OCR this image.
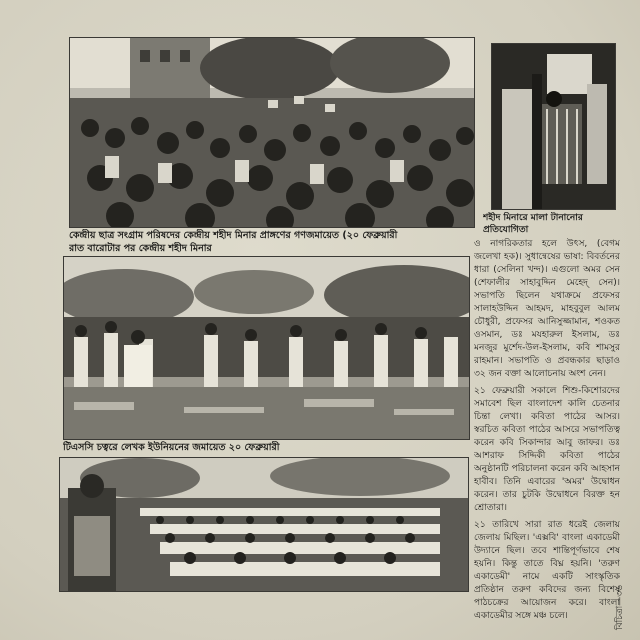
কেন্দ্রীয় ছাত্র সংগ্রাম পরিষদের কেন্দ্রীয় শহীদ মিনার প্রাঙ্গণের গণজমায়েত (২০ ফেব্রুয়ারী
রাত বারোটার পর কেন্দ্রীয় শহীদ মিনার
শহীদ মিনারে মালা টানানোর
প্রতিযোগিতা

ও নাগরিকতার হলে উৎস, (বেগম জলেখা হক)। সুধান্বেষের ভাষা: বিবর্তনের ধারা (সেলিনা খন্দ)। এগুলো অমর সেন (শেফালীর সাহাবুদ্দিন মেহেদ্ সেন)। সভাপতি ছিলেন যথাক্রমে প্রফেসর সালাহউদ্দিন আহমদ, মাহবুবুল আলম চৌধুরী, প্রফেসর আনিসুজ্জামান, শওকত ওসমান, ডঃ মযহারুল ইসলাম, ডঃ মনজুর মুর্শেদ-উল-ইসলাম, কবি শামসুর রাহমান। সভাপতি ও প্রবন্ধকার ছাড়াও ৩২ জন বক্তা আলোচনায় অংশ নেন।

২১ ফেব্রুয়ারী সকালে শিশু-কিশোরদের সমাবেশ ছিল বাংলাদেশ কালি চেতনার চিন্তা লেখা। কবিতা পাঠের আসর। স্বরচিত কবিতা পাঠের আসরে সভাপতিত্ব করেন কবি সিকান্দার আবু জাফর। ডঃ আশরাফ সিদ্দিকী কবিতা পাঠের অনুষ্ঠানটি পরিচালনা করেন কবি আহসান হাবীব। তিনি এবারের 'অমর' উদ্বোধন করেন। তার চুটকি উদ্বোধনে বিরক্ত হন শ্রোতারা।

২১ তারিখে সারা রাত ধরেই জেলায় জেলায় মিছিল। 'এক্সবি' বাংলা একাডেমী উদ্যানে ছিল। তবে শান্তিপূর্ণভাবে শেষ হয়নি। কিন্তু তাতে বিঘ্ন হয়নি। 'তরুণ একাডেমী' নামে একটি সাংস্কৃতিক প্রতিষ্ঠান তরুণ কবিদের জন্য বিশেষ পাঠচক্রের আয়োজন করে। বাংলা একাডেমীর সঙ্গে মঞ্চ চলে।

টিএসসি চত্বরে লেখক ইউনিয়নের জমায়েত ২০ ফেব্রুয়ারী
বিচিত্রা—৩৬
